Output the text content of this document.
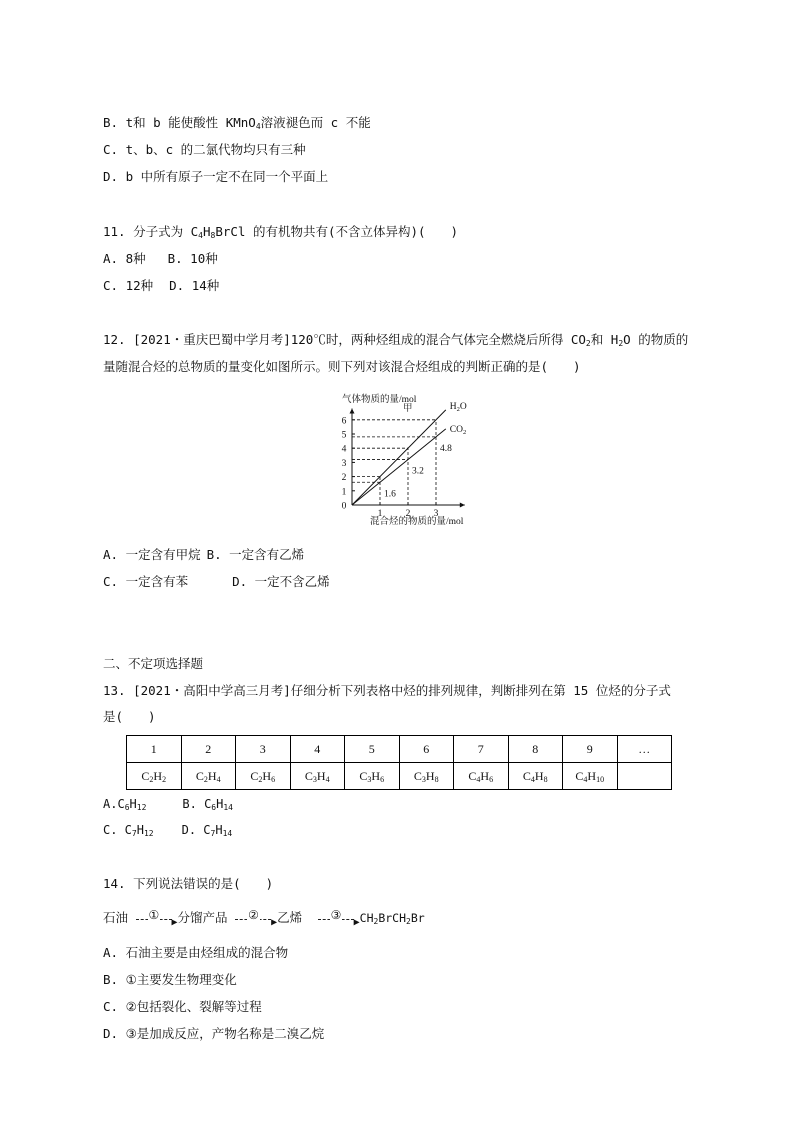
B. t和 b 能使酸性 KMnO$_4$溶液褪色而 c 不能
C. t、b、c 的二氯代物均只有三种
D. b 中所有原子一定不在同一个平面上
11. 分子式为 $C_4H_8BrCl$ 的有机物共有(不含立体异构)(　　)
A. 8种 B. 10种
C. 12种 D. 14种
12. [2021・重庆巴蜀中学月考]120℃时，两种烃组成的混合气体完全燃烧后所得 $CO_2$和 $H_2O$ 的物质的
量随混合烃的总物质的量变化如图所示。则下列对该混合烃组成的判断正确的是(　　)
气体物质的量/mol
混合烃的物质的量/mol
甲
0
1
2
3
4
5
6
1 2 3
$H_2O$
$CO_2$
1.6
3.2
4.8
A. 一定含有甲烷 B. 一定含有乙烯
C. 一定含有苯	D. 一定不含乙烯
二、不定项选择题
13. [2021・高阳中学高三月考]仔细分析下列表格中烃的排列规律，判断排列在第 15 位烃的分子式
是(　　)
1	2	3	4	5	6	7	8	9	…
$C_2H_2$	$C_2H_4$	$C_2H_6$	$C_3H_4$	$C_3H_6$	$C_3H_8$	$C_4H_6$	$C_4H_8$	$C_4H_{10}$	
$A.C_6H_{12}$	B. $C_6H_{14}$
C. $C_7H_{12}$ D. $C_7H_{14}$
14. 下列说法错误的是(　　)
石油	▶
① 分馏产品	▶
② 乙烯	▶
③ $CH_2BrCH_2Br$
A. 石油主要是由烃组成的混合物
B. ①主要发生物理变化
C. ②包括裂化、裂解等过程
D. ③是加成反应，产物名称是二溴乙烷
